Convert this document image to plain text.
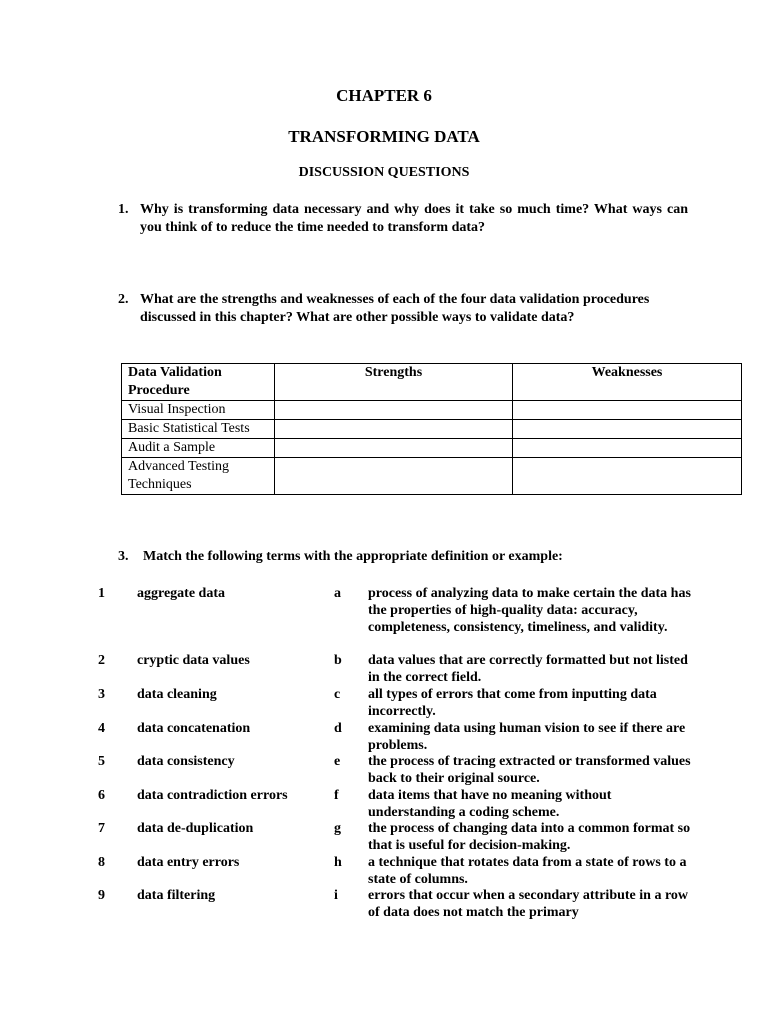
CHAPTER 6
TRANSFORMING DATA
DISCUSSION QUESTIONS
1. Why is transforming data necessary and why does it take so much time? What ways can you think of to reduce the time needed to transform data?
2. What are the strengths and weaknesses of each of the four data validation procedures discussed in this chapter? What are other possible ways to validate data?
Data Validation Procedure	Strengths	Weaknesses
Visual Inspection		
Basic Statistical Tests		
Audit a Sample		
Advanced Testing Techniques		
3. Match the following terms with the appropriate definition or example:
1 aggregate data	a process of analyzing data to make certain the data has the properties of high-quality data: accuracy, completeness, consistency, timeliness, and validity.
2 cryptic data values	b data values that are correctly formatted but not listed in the correct field.
3 data cleaning	c all types of errors that come from inputting data incorrectly.
4 data concatenation	d examining data using human vision to see if there are problems.
5 data consistency	e the process of tracing extracted or transformed values back to their original source.
6 data contradiction errors	f data items that have no meaning without understanding a coding scheme.
7 data de-duplication	g the process of changing data into a common format so that is useful for decision-making.
8 data entry errors	h a technique that rotates data from a state of rows to a state of columns.
9 data filtering	i errors that occur when a secondary attribute in a row of data does not match the primary
